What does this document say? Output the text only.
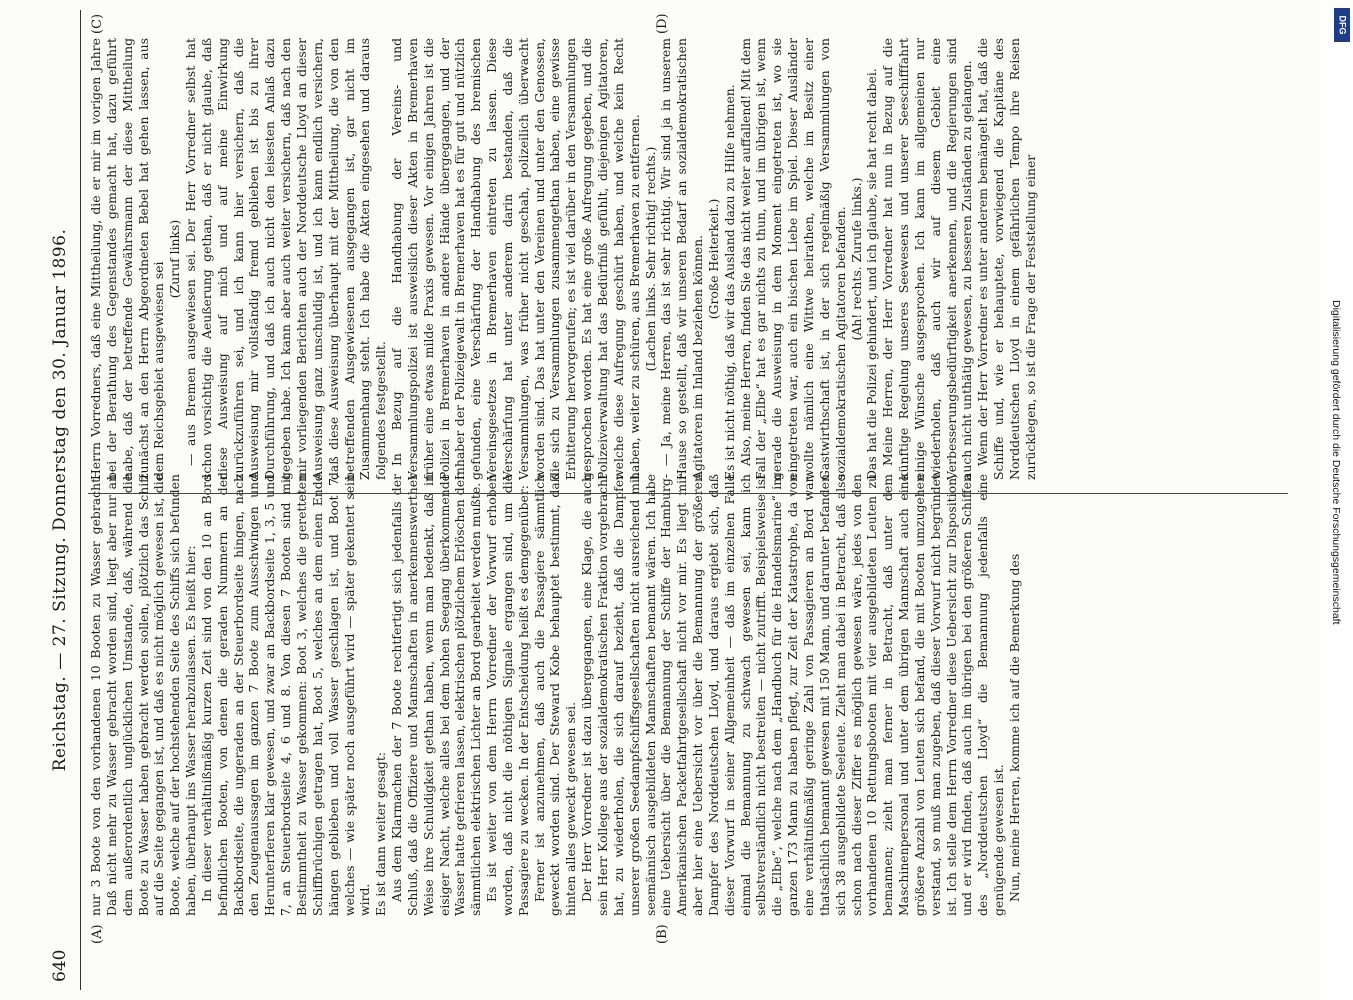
640
Reichstag. — 27. Sitzung. Donnerstag den 30. Januar 1896.
(A)	(B)
(C)	(D)

nur 3 Boote von den vorhandenen 10 Booten zu Wasser gebracht. Daß nicht mehr zu Wasser gebracht worden sind, liegt aber nur an dem außerordentlich unglücklichen Umstande, daß, während die Boote zu Wasser haben gebracht werden sollen, plötzlich das Schiff auf die Seite gegangen ist, und daß es nicht möglich gewesen ist, die Boote, welche auf der hochstehenden Seite des Schiffs sich befunden haben, überhaupt ins Wasser herabzulassen. Es heißt hier: In dieser verhältnißmäßig kurzen Zeit sind von den 10 an Bord befindlichen Booten, von denen die geraden Nummern an der Backbordseite, die ungeraden an der Steuerbordseite hingen, nach den Zeugenaussagen im ganzen 7 Boote zum Ausschwingen und Herunterfieren klar gewesen, und zwar an Backbordseite 1, 3, 5 und 7, an Steuerbordseite 4, 6 und 8. Von diesen 7 Booten sind mit Bestimmtheit zu Wasser gekommen: Boot 3, welches die geretteten Schiffbrüchigen getragen hat, Boot 5, welches an dem einen Ende hängen geblieben und voll Wasser geschlagen ist, und Boot 7, welches — wie später noch ausgeführt wird — später gekentert sein wird. Es ist dann weiter gesagt: Aus dem Klarmachen der 7 Boote rechtfertigt sich jedenfalls der Schluß, daß die Offiziere und Mannschaften in anerkennenswerther Weise ihre Schuldigkeit gethan haben, wenn man bedenkt, daß in eisiger Nacht, welche alles bei dem hohen Seegang überkommende Wasser hatte gefrieren lassen, elektrischen plötzlichem Erlöschen der sämmtlichen elektrischen Lichter an Bord gearbeitet werden mußte. Es ist weiter von dem Herrn Vorredner der Vorwurf erhoben worden, daß nicht die nöthigen Signale ergangen sind, um die Passagiere zu wecken. In der Entscheidung heißt es demgegenüber: Ferner ist anzunehmen, daß auch die Passagiere sämmtlich geweckt worden sind. Der Steward Kobe behauptet bestimmt, daß hinten alles geweckt gewesen sei. Der Herr Vorredner ist dazu übergegangen, eine Klage, die auch sein Herr Kollege aus der sozialdemokratischen Fraktion vorgebracht hat, zu wiederholen, die sich darauf bezieht, daß die Dampfer unserer großen Seedampfschiffsgesellschaften nicht ausreichend mit seemännisch ausgebildeten Mannschaften bemannt wären. Ich habe eine Uebersicht über die Bemannung der Schiffe der Hamburg-Amerikanischen Packetfahrtgesellschaft nicht vor mir. Es liegt mir aber hier eine Uebersicht vor über die Bemannung der größeren Dampfer des Norddeutschen Lloyd, und daraus ergiebt sich, daß dieser Vorwurf in seiner Allgemeinheit — daß im einzelnen Falle einmal die Bemannung zu schwach gewesen sei, kann ich selbstverständlich nicht bestreiten — nicht zutrifft. Beispielsweise ist die „Elbe“, welche nach dem „Handbuch für die Handelsmarine“ im ganzen 173 Mann zu haben pflegt, zur Zeit der Katastrophe, da von eine verhältnißmäßig geringe Zahl von Passagieren an Bord war, thatsächlich bemannt gewesen mit 150 Mann, und darunter befanden sich 38 ausgebildete Seeleute. Zieht man dabei in Betracht, daß also schon nach dieser Ziffer es möglich gewesen wäre, jedes von den vorhandenen 10 Rettungsbooten mit vier ausgebildeten Leuten zu bemannen; zieht man ferner in Betracht, daß unter dem Maschinenpersonal und unter dem übrigen Mannschaft auch eine größere Anzahl von Leuten sich befand, die mit Booten umzugehen verstand, so muß man zugeben, daß dieser Vorwurf nicht begründet ist. Ich stelle dem Herrn Vorredner diese Uebersicht zur Disposition, und er wird finden, daß auch im übrigen bei den größeren Schiffen des „Norddeutschen Lloyd“ die Bemannung jedenfalls eine genügende gewesen ist. Nun, meine Herren, komme ich auf die Bemerkung des

Herrn Vorredners, daß eine Mittheilung, die er mir im vorigen Jahre bei der Berathung des Gegenstandes gemacht hat, dazu geführt habe, daß der betreffende Gewährsmann der diese Mittheilung zunächst an den Herrn Abgeordneten Bebel hat gehen lassen, aus dem Reichsgebiet ausgewiesen sei

(Zuruf links) — aus Bremen ausgewiesen sei. Der Herr Vorredner selbst hat schon vorsichtig die Aeußerung gethan, daß er nicht glaube, daß diese Ausweisung auf mich und auf meine Einwirkung zurückzuführen sei, und ich kann hier versichern, daß die Ausweisung mir vollständig fremd geblieben ist bis zu ihrer Durchführung, und daß ich auch nicht den leisesten Anlaß dazu gegeben habe. Ich kann aber auch weiter versichern, daß nach den mir vorliegenden Berichten auch der Norddeutsche Lloyd an dieser Ausweisung ganz unschuldig ist, und ich kann endlich versichern, daß diese Ausweisung überhaupt mit der Mittheilung, die von den betreffenden Ausgewiesenen ausgegangen ist, gar nicht im Zusammenhang steht. Ich habe die Akten eingesehen und daraus folgendes festgestellt. In Bezug auf die Handhabung der Vereins- und Versammlungspolizei ist ausweislich dieser Akten in Bremerhaven früher eine etwas milde Praxis gewesen. Vor einigen Jahren ist die Polizei in Bremerhaven in andere Hände übergegangen, und der Inhaber der Polizeigewalt in Bremerhaven hat es für gut und nützlich gefunden, eine Verschärfung der Handhabung des bremischen Vereinsgesetzes in Bremerhaven eintreten zu lassen. Diese Verschärfung hat unter anderem darin bestanden, daß die Versammlungen, was früher nicht geschah, polizeilich überwacht worden sind. Das hat unter den Vereinen und unter den Genossen, die sich zu Versammlungen zusammengethan haben, eine gewisse Erbitterung hervorgerufen; es ist viel darüber in den Versammlungen gesprochen worden. Es hat eine große Aufregung gegeben, und die Polizeiverwaltung hat das Bedürfniß gefühlt, diejenigen Agitatoren, welche diese Aufregung geschürt haben, und welche kein Recht haben, weiter zu schüren, aus Bremerhaven zu entfernen. (Lachen links. Sehr richtig! rechts.) — Ja, meine Herren, das ist sehr richtig. Wir sind ja in unserem Hause so gestellt, daß wir unseren Bedarf an sozialdemokratischen Agitatoren im Inland beziehen können. (Große Heiterkeit.) Es ist nicht nöthig, daß wir das Ausland dazu zu Hilfe nehmen. Also, meine Herren, finden Sie das nicht weiter auffallend! Mit dem Fall der „Elbe“ hat es gar nichts zu thun, und im übrigen ist, wenn gerade die Ausweisung in dem Moment eingetreten ist, wo sie eingetreten war, auch ein bischen Liebe im Spiel. Dieser Ausländer wollte nämlich eine Wittwe heirathen, welche im Besitz einer Gastwirthschaft ist, in der sich regelmäßig Versammlungen von sozialdemokratischen Agitatoren befanden. (Ah! rechts. Zurufe links.) Das hat die Polizei gehindert, und ich glaube, sie hat recht dabei. Meine Herren, der Herr Vorredner hat nun in Bezug auf die künftige Regelung unseres Seewesens und unserer Seeschifffahrt einige Wünsche ausgesprochen. Ich kann im allgemeinen nur wiederholen, daß auch wir auf diesem Gebiet eine Verbesserungsbedürftigkeit anerkennen, und die Regierungen sind auch nicht unthätig gewesen, zu besseren Zuständen zu gelangen. Wenn der Herr Vorredner es unter anderem bemängelt hat, daß die Schiffe und, wie er behauptete, vorwiegend die Kapitäne des Norddeutschen Lloyd in einem gefährlichen Tempo ihre Reisen zurücklegen, so ist die Frage der Feststellung einer

DFG
Digitalisierung gefördert durch die Deutsche Forschungsgemeinschaft
